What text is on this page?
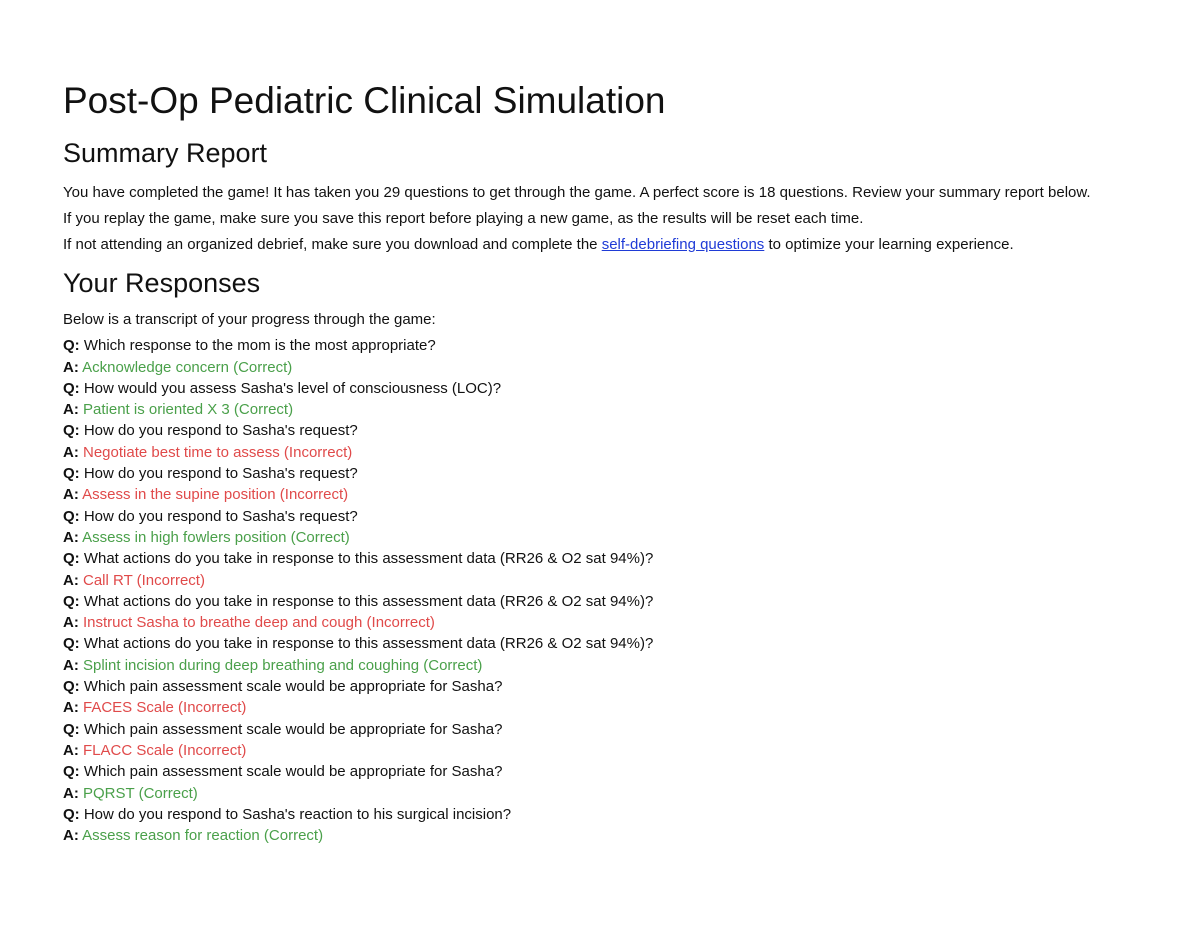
Post-Op Pediatric Clinical Simulation
Summary Report

You have completed the game! It has taken you 29 questions to get through the game. A perfect score is 18 questions. Review your summary report below.

If you replay the game, make sure you save this report before playing a new game, as the results will be reset each time.

If not attending an organized debrief, make sure you download and complete the self-debriefing questions to optimize your learning experience.

Your Responses

Below is a transcript of your progress through the game:

Q: Which response to the mom is the most appropriate?

A: Acknowledge concern (Correct)

Q: How would you assess Sasha's level of consciousness (LOC)?

A: Patient is oriented X 3 (Correct)

Q: How do you respond to Sasha's request?

A: Negotiate best time to assess (Incorrect)

Q: How do you respond to Sasha's request?

A: Assess in the supine position (Incorrect)

Q: How do you respond to Sasha's request?

A: Assess in high fowlers position (Correct)

Q: What actions do you take in response to this assessment data (RR26 & O2 sat 94%)?

A: Call RT (Incorrect)

Q: What actions do you take in response to this assessment data (RR26 & O2 sat 94%)?

A: Instruct Sasha to breathe deep and cough (Incorrect)

Q: What actions do you take in response to this assessment data (RR26 & O2 sat 94%)?

A: Splint incision during deep breathing and coughing (Correct)

Q: Which pain assessment scale would be appropriate for Sasha?

A: FACES Scale (Incorrect)

Q: Which pain assessment scale would be appropriate for Sasha?

A: FLACC Scale (Incorrect)

Q: Which pain assessment scale would be appropriate for Sasha?

A: PQRST (Correct)

Q: How do you respond to Sasha's reaction to his surgical incision?

A: Assess reason for reaction (Correct)
